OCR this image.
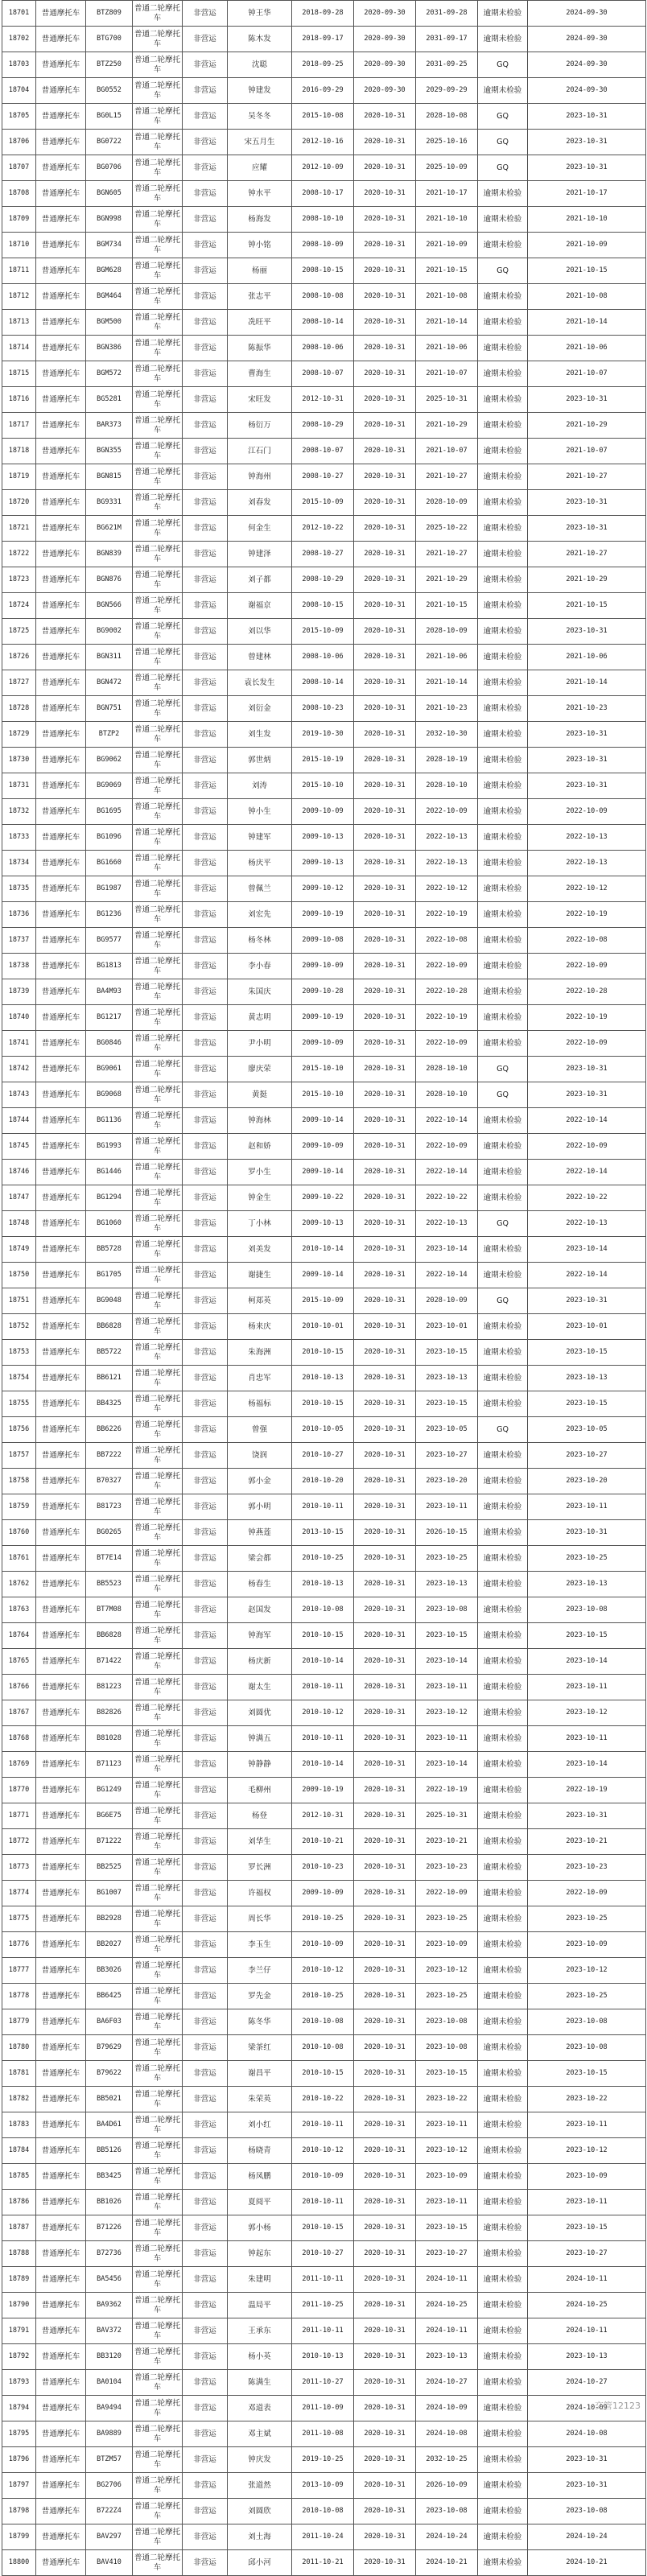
18701	普通摩托车	BTZ809	普通二轮摩托车	非营运	钟王华	2018-09-28	2020-09-30	2031-09-28	逾期未检验	2024-09-30
18702	普通摩托车	BTG700	普通二轮摩托车	非营运	陈木发	2018-09-17	2020-09-30	2031-09-17	逾期未检验	2024-09-30
18703	普通摩托车	BTZ250	普通二轮摩托车	非营运	沈聪	2018-09-25	2020-09-30	2031-09-25	GQ	2024-09-30
18704	普通摩托车	BG0552	普通二轮摩托车	非营运	钟建发	2016-09-29	2020-09-30	2029-09-29	逾期未检验	2024-09-30
18705	普通摩托车	BG0L15	普通二轮摩托车	非营运	吴冬冬	2015-10-08	2020-10-31	2028-10-08	GQ	2023-10-31
18706	普通摩托车	BG0722	普通二轮摩托车	非营运	宋五月生	2012-10-16	2020-10-31	2025-10-16	GQ	2023-10-31
18707	普通摩托车	BG0706	普通二轮摩托车	非营运	应耀	2012-10-09	2020-10-31	2025-10-09	GQ	2023-10-31
18708	普通摩托车	BGN605	普通二轮摩托车	非营运	钟水平	2008-10-17	2020-10-31	2021-10-17	逾期未检验	2021-10-17
18709	普通摩托车	BGN998	普通二轮摩托车	非营运	杨海发	2008-10-10	2020-10-31	2021-10-10	逾期未检验	2021-10-10
18710	普通摩托车	BGM734	普通二轮摩托车	非营运	钟小铭	2008-10-09	2020-10-31	2021-10-09	逾期未检验	2021-10-09
18711	普通摩托车	BGM628	普通二轮摩托车	非营运	杨丽	2008-10-15	2020-10-31	2021-10-15	GQ	2021-10-15
18712	普通摩托车	BGM464	普通二轮摩托车	非营运	张志平	2008-10-08	2020-10-31	2021-10-08	逾期未检验	2021-10-08
18713	普通摩托车	BGM500	普通二轮摩托车	非营运	冼旺平	2008-10-14	2020-10-31	2021-10-14	逾期未检验	2021-10-14
18714	普通摩托车	BGN386	普通二轮摩托车	非营运	陈振华	2008-10-06	2020-10-31	2021-10-06	逾期未检验	2021-10-06
18715	普通摩托车	BGM572	普通二轮摩托车	非营运	曹海生	2008-10-07	2020-10-31	2021-10-07	逾期未检验	2021-10-07
18716	普通摩托车	BG5281	普通二轮摩托车	非营运	宋旺发	2012-10-31	2020-10-31	2025-10-31	逾期未检验	2023-10-31
18717	普通摩托车	BAR373	普通二轮摩托车	非营运	杨衍万	2008-10-29	2020-10-31	2021-10-29	逾期未检验	2021-10-29
18718	普通摩托车	BGN355	普通二轮摩托车	非营运	江石门	2008-10-07	2020-10-31	2021-10-07	逾期未检验	2021-10-07
18719	普通摩托车	BGN815	普通二轮摩托车	非营运	钟海州	2008-10-27	2020-10-31	2021-10-27	逾期未检验	2021-10-27
18720	普通摩托车	BG9331	普通二轮摩托车	非营运	刘春发	2015-10-09	2020-10-31	2028-10-09	逾期未检验	2023-10-31
18721	普通摩托车	BG621M	普通二轮摩托车	非营运	何金生	2012-10-22	2020-10-31	2025-10-22	逾期未检验	2023-10-31
18722	普通摩托车	BGN839	普通二轮摩托车	非营运	钟建泽	2008-10-27	2020-10-31	2021-10-27	逾期未检验	2021-10-27
18723	普通摩托车	BGN876	普通二轮摩托车	非营运	刘子都	2008-10-29	2020-10-31	2021-10-29	逾期未检验	2021-10-29
18724	普通摩托车	BGN566	普通二轮摩托车	非营运	谢福京	2008-10-15	2020-10-31	2021-10-15	逾期未检验	2021-10-15
18725	普通摩托车	BG9002	普通二轮摩托车	非营运	刘以华	2015-10-09	2020-10-31	2028-10-09	逾期未检验	2023-10-31
18726	普通摩托车	BGN311	普通二轮摩托车	非营运	曾建林	2008-10-06	2020-10-31	2021-10-06	逾期未检验	2021-10-06
18727	普通摩托车	BGN472	普通二轮摩托车	非营运	袁长发生	2008-10-14	2020-10-31	2021-10-14	逾期未检验	2021-10-14
18728	普通摩托车	BGN751	普通二轮摩托车	非营运	刘衍金	2008-10-23	2020-10-31	2021-10-23	逾期未检验	2021-10-23
18729	普通摩托车	BTZP2	普通二轮摩托车	非营运	刘生发	2019-10-30	2020-10-31	2032-10-30	逾期未检验	2023-10-31
18730	普通摩托车	BG9062	普通二轮摩托车	非营运	郭世炳	2015-10-19	2020-10-31	2028-10-19	逾期未检验	2023-10-31
18731	普通摩托车	BG9069	普通二轮摩托车	非营运	刘涛	2015-10-10	2020-10-31	2028-10-10	逾期未检验	2023-10-31
18732	普通摩托车	BG1695	普通二轮摩托车	非营运	钟小生	2009-10-09	2020-10-31	2022-10-09	逾期未检验	2022-10-09
18733	普通摩托车	BG1096	普通二轮摩托车	非营运	钟建军	2009-10-13	2020-10-31	2022-10-13	逾期未检验	2022-10-13
18734	普通摩托车	BG1660	普通二轮摩托车	非营运	杨庆平	2009-10-13	2020-10-31	2022-10-13	逾期未检验	2022-10-13
18735	普通摩托车	BG1987	普通二轮摩托车	非营运	曾佩兰	2009-10-12	2020-10-31	2022-10-12	逾期未检验	2022-10-12
18736	普通摩托车	BG1236	普通二轮摩托车	非营运	刘宏先	2009-10-19	2020-10-31	2022-10-19	逾期未检验	2022-10-19
18737	普通摩托车	BG9577	普通二轮摩托车	非营运	杨冬林	2009-10-08	2020-10-31	2022-10-08	逾期未检验	2022-10-08
18738	普通摩托车	BG1813	普通二轮摩托车	非营运	李小春	2009-10-09	2020-10-31	2022-10-09	逾期未检验	2022-10-09
18739	普通摩托车	BA4M93	普通二轮摩托车	非营运	朱国庆	2009-10-28	2020-10-31	2022-10-28	逾期未检验	2022-10-28
18740	普通摩托车	BG1217	普通二轮摩托车	非营运	黄志明	2009-10-19	2020-10-31	2022-10-19	逾期未检验	2022-10-19
18741	普通摩托车	BG0846	普通二轮摩托车	非营运	尹小明	2009-10-09	2020-10-31	2022-10-09	逾期未检验	2022-10-09
18742	普通摩托车	BG9061	普通二轮摩托车	非营运	廖庆荣	2015-10-10	2020-10-31	2028-10-10	GQ	2023-10-31
18743	普通摩托车	BG9068	普通二轮摩托车	非营运	黄挺	2015-10-10	2020-10-31	2028-10-10	GQ	2023-10-31
18744	普通摩托车	BG1136	普通二轮摩托车	非营运	钟海林	2009-10-14	2020-10-31	2022-10-14	逾期未检验	2022-10-14
18745	普通摩托车	BG1993	普通二轮摩托车	非营运	赵和娇	2009-10-09	2020-10-31	2022-10-09	逾期未检验	2022-10-09
18746	普通摩托车	BG1446	普通二轮摩托车	非营运	罗小生	2009-10-14	2020-10-31	2022-10-14	逾期未检验	2022-10-14
18747	普通摩托车	BG1294	普通二轮摩托车	非营运	钟金生	2009-10-22	2020-10-31	2022-10-22	逾期未检验	2022-10-22
18748	普通摩托车	BG1060	普通二轮摩托车	非营运	丁小林	2009-10-13	2020-10-31	2022-10-13	GQ	2022-10-13
18749	普通摩托车	BB5728	普通二轮摩托车	非营运	刘美发	2010-10-14	2020-10-31	2023-10-14	逾期未检验	2023-10-14
18750	普通摩托车	BG1705	普通二轮摩托车	非营运	谢捷生	2009-10-14	2020-10-31	2022-10-14	逾期未检验	2022-10-14
18751	普通摩托车	BG9048	普通二轮摩托车	非营运	柯郑英	2015-10-09	2020-10-31	2028-10-09	GQ	2023-10-31
18752	普通摩托车	BB6828	普通二轮摩托车	非营运	杨来庆	2010-10-01	2020-10-31	2023-10-01	逾期未检验	2023-10-01
18753	普通摩托车	BB5722	普通二轮摩托车	非营运	朱海洲	2010-10-15	2020-10-31	2023-10-15	逾期未检验	2023-10-15
18754	普通摩托车	BB6121	普通二轮摩托车	非营运	肖忠军	2010-10-13	2020-10-31	2023-10-13	逾期未检验	2023-10-13
18755	普通摩托车	BB4325	普通二轮摩托车	非营运	杨福标	2010-10-15	2020-10-31	2023-10-15	逾期未检验	2023-10-15
18756	普通摩托车	BB6226	普通二轮摩托车	非营运	曾强	2010-10-05	2020-10-31	2023-10-05	GQ	2023-10-05
18757	普通摩托车	BB7222	普通二轮摩托车	非营运	饶润	2010-10-27	2020-10-31	2023-10-27	逾期未检验	2023-10-27
18758	普通摩托车	B70327	普通二轮摩托车	非营运	郭小金	2010-10-20	2020-10-31	2023-10-20	逾期未检验	2023-10-20
18759	普通摩托车	B81723	普通二轮摩托车	非营运	郭小明	2010-10-11	2020-10-31	2023-10-11	逾期未检验	2023-10-11
18760	普通摩托车	BG0265	普通二轮摩托车	非营运	钟燕莲	2013-10-15	2020-10-31	2026-10-15	逾期未检验	2023-10-31
18761	普通摩托车	BT7E14	普通二轮摩托车	非营运	梁会都	2010-10-25	2020-10-31	2023-10-25	逾期未检验	2023-10-25
18762	普通摩托车	BB5523	普通二轮摩托车	非营运	杨春生	2010-10-13	2020-10-31	2023-10-13	逾期未检验	2023-10-13
18763	普通摩托车	BT7M08	普通二轮摩托车	非营运	赵国发	2010-10-08	2020-10-31	2023-10-08	逾期未检验	2023-10-08
18764	普通摩托车	BB6828	普通二轮摩托车	非营运	钟海军	2010-10-15	2020-10-31	2023-10-15	逾期未检验	2023-10-15
18765	普通摩托车	B71422	普通二轮摩托车	非营运	杨庆新	2010-10-14	2020-10-31	2023-10-14	逾期未检验	2023-10-14
18766	普通摩托车	B81223	普通二轮摩托车	非营运	谢太生	2010-10-11	2020-10-31	2023-10-11	逾期未检验	2023-10-11
18767	普通摩托车	B82826	普通二轮摩托车	非营运	刘圆优	2010-10-12	2020-10-31	2023-10-12	逾期未检验	2023-10-12
18768	普通摩托车	B81028	普通二轮摩托车	非营运	钟满五	2010-10-11	2020-10-31	2023-10-11	逾期未检验	2023-10-11
18769	普通摩托车	B71123	普通二轮摩托车	非营运	钟静静	2010-10-14	2020-10-31	2023-10-14	逾期未检验	2023-10-14
18770	普通摩托车	BG1249	普通二轮摩托车	非营运	毛柳州	2009-10-19	2020-10-31	2022-10-19	逾期未检验	2022-10-19
18771	普通摩托车	BG6E75	普通二轮摩托车	非营运	杨登	2012-10-31	2020-10-31	2025-10-31	逾期未检验	2023-10-31
18772	普通摩托车	B71222	普通二轮摩托车	非营运	刘华生	2010-10-21	2020-10-31	2023-10-21	逾期未检验	2023-10-21
18773	普通摩托车	BB2525	普通二轮摩托车	非营运	罗长洲	2010-10-23	2020-10-31	2023-10-23	逾期未检验	2023-10-23
18774	普通摩托车	BG1007	普通二轮摩托车	非营运	许福权	2009-10-09	2020-10-31	2022-10-09	逾期未检验	2022-10-09
18775	普通摩托车	BB2928	普通二轮摩托车	非营运	周长华	2010-10-25	2020-10-31	2023-10-25	逾期未检验	2023-10-25
18776	普通摩托车	BB2027	普通二轮摩托车	非营运	李玉生	2010-10-09	2020-10-31	2023-10-09	逾期未检验	2023-10-09
18777	普通摩托车	BB3026	普通二轮摩托车	非营运	李兰仔	2010-10-12	2020-10-31	2023-10-12	逾期未检验	2023-10-12
18778	普通摩托车	BB6425	普通二轮摩托车	非营运	罗先金	2010-10-25	2020-10-31	2023-10-25	逾期未检验	2023-10-25
18779	普通摩托车	BA6F03	普通二轮摩托车	非营运	陈冬华	2010-10-08	2020-10-31	2023-10-08	逾期未检验	2023-10-08
18780	普通摩托车	B79629	普通二轮摩托车	非营运	梁茶红	2010-10-08	2020-10-31	2023-10-08	逾期未检验	2023-10-08
18781	普通摩托车	B79622	普通二轮摩托车	非营运	谢昌平	2010-10-15	2020-10-31	2023-10-15	逾期未检验	2023-10-15
18782	普通摩托车	BB5021	普通二轮摩托车	非营运	朱荣英	2010-10-22	2020-10-31	2023-10-22	逾期未检验	2023-10-22
18783	普通摩托车	BA4D61	普通二轮摩托车	非营运	刘小红	2010-10-11	2020-10-31	2023-10-11	逾期未检验	2023-10-11
18784	普通摩托车	BB5126	普通二轮摩托车	非营运	杨晓青	2010-10-12	2020-10-31	2023-10-12	逾期未检验	2023-10-12
18785	普通摩托车	BB3425	普通二轮摩托车	非营运	杨凤鹏	2010-10-09	2020-10-31	2023-10-09	逾期未检验	2023-10-09
18786	普通摩托车	BB1026	普通二轮摩托车	非营运	夏阅平	2010-10-11	2020-10-31	2023-10-11	逾期未检验	2023-10-11
18787	普通摩托车	B71226	普通二轮摩托车	非营运	郭小杨	2010-10-15	2020-10-31	2023-10-15	逾期未检验	2023-10-15
18788	普通摩托车	B72736	普通二轮摩托车	非营运	钟起东	2010-10-27	2020-10-31	2023-10-27	逾期未检验	2023-10-27
18789	普通摩托车	BA5456	普通二轮摩托车	非营运	朱建明	2011-10-11	2020-10-31	2024-10-11	逾期未检验	2024-10-11
18790	普通摩托车	BA9362	普通二轮摩托车	非营运	温局平	2011-10-25	2020-10-31	2024-10-25	逾期未检验	2024-10-25
18791	普通摩托车	BAV372	普通二轮摩托车	非营运	王承东	2011-10-11	2020-10-31	2024-10-11	逾期未检验	2024-10-11
18792	普通摩托车	BB3120	普通二轮摩托车	非营运	杨小英	2010-10-13	2020-10-31	2023-10-13	逾期未检验	2023-10-13
18793	普通摩托车	BA0104	普通二轮摩托车	非营运	陈满生	2011-10-27	2020-10-31	2024-10-27	逾期未检验	2024-10-27
18794	普通摩托车	BA9494	普通二轮摩托车	非营运	邓道表	2011-10-09	2020-10-31	2024-10-09	逾期未检验	2024-10-09
18795	普通摩托车	BA9889	普通二轮摩托车	非营运	邓主斌	2011-10-08	2020-10-31	2024-10-08	逾期未检验	2024-10-08
18796	普通摩托车	BTZM57	普通二轮摩托车	非营运	钟庆发	2019-10-25	2020-10-31	2032-10-25	逾期未检验	2023-10-31
18797	普通摩托车	BG2706	普通二轮摩托车	非营运	张道然	2013-10-09	2020-10-31	2026-10-09	逾期未检验	2023-10-31
18798	普通摩托车	B722Z4	普通二轮摩托车	非营运	刘圆欣	2010-10-08	2020-10-31	2023-10-08	逾期未检验	2023-10-08
18799	普通摩托车	BAV297	普通二轮摩托车	非营运	刘土海	2011-10-24	2020-10-31	2024-10-24	逾期未检验	2024-10-24
18800	普通摩托车	BAV410	普通二轮摩托车	非营运	邱小河	2011-10-21	2020-10-31	2024-10-21	逾期未检验	2024-10-21
交管12123
